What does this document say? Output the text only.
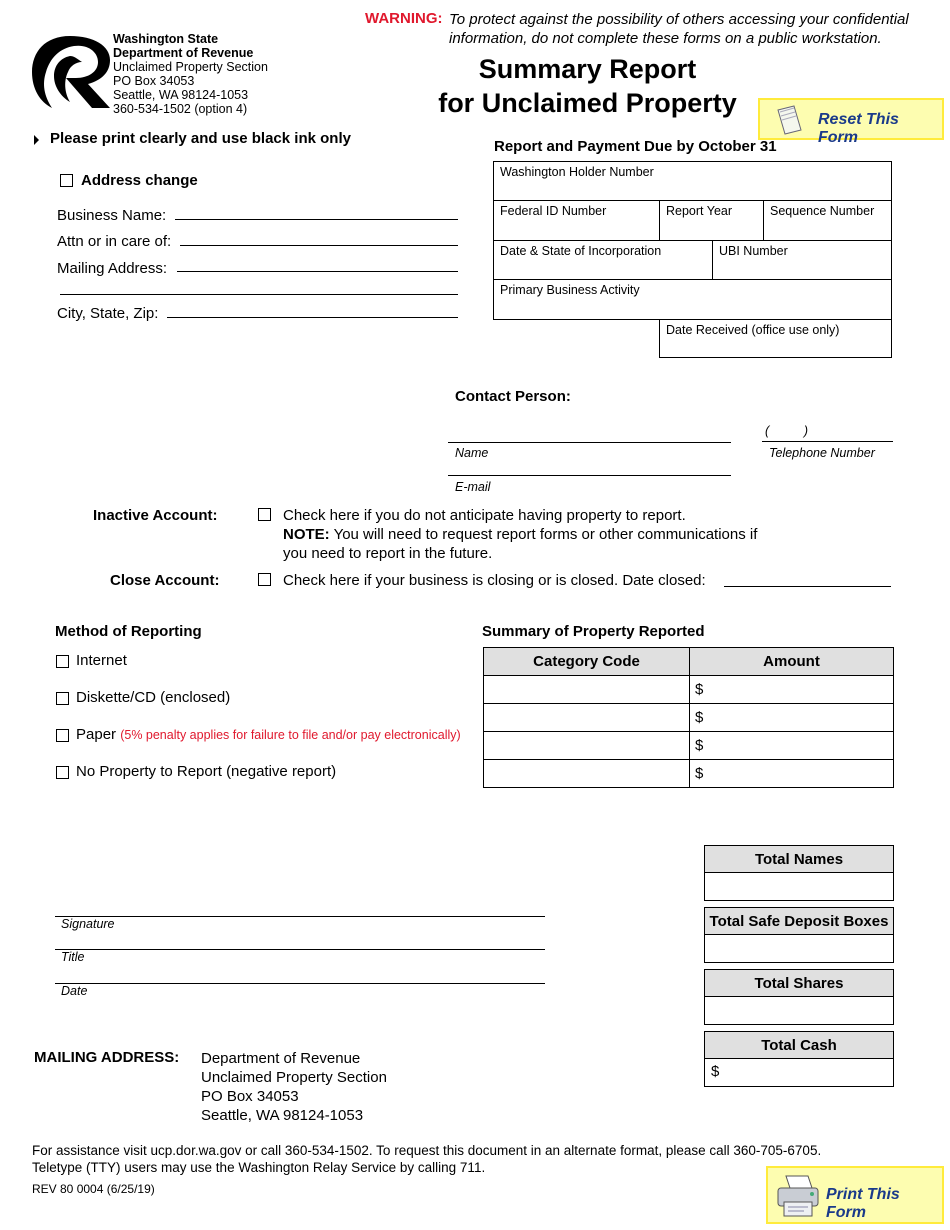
Washington State
Department of Revenue
Unclaimed Property Section
PO Box 34053
Seattle, WA 98124-1053
360-534-1502 (option 4)
WARNING: To protect against the possibility of others accessing your confidential
information, do not complete these forms on a public workstation.
Summary Report
for Unclaimed Property
Reset This Form
Please print clearly and use black ink only
Address change
Business Name:
Attn or in care of:
Mailing Address:
City, State, Zip:
Report and Payment Due by October 31
Washington Holder Number
Federal ID Number	Report Year	Sequence Number
Date & State of Incorporation	UBI Number
Primary Business Activity
Date Received (office use only)
Contact Person:
Name
(          )
Telephone Number
E-mail
Inactive Account:	Check here if you do not anticipate having property to report.
NOTE: You will need to request report forms or other communications if
you need to report in the future.
Close Account:	Check here if your business is closing or is closed. Date closed:
Method of Reporting
Internet
Diskette/CD (enclosed)
Paper (5% penalty applies for failure to file and/or pay electronically)
No Property to Report (negative report)
Summary of Property Reported
Category Code	Amount
	$
	$
	$
	$
Total Names
Total Safe Deposit Boxes
Total Shares
Total Cash
$
Signature
Title
Date
MAILING ADDRESS: Department of Revenue
Unclaimed Property Section
PO Box 34053
Seattle, WA 98124-1053
For assistance visit ucp.dor.wa.gov or call 360-534-1502. To request this document in an alternate format, please call 360-705-6705.
Teletype (TTY) users may use the Washington Relay Service by calling 711.
REV 80 0004 (6/25/19)	Print This Form
